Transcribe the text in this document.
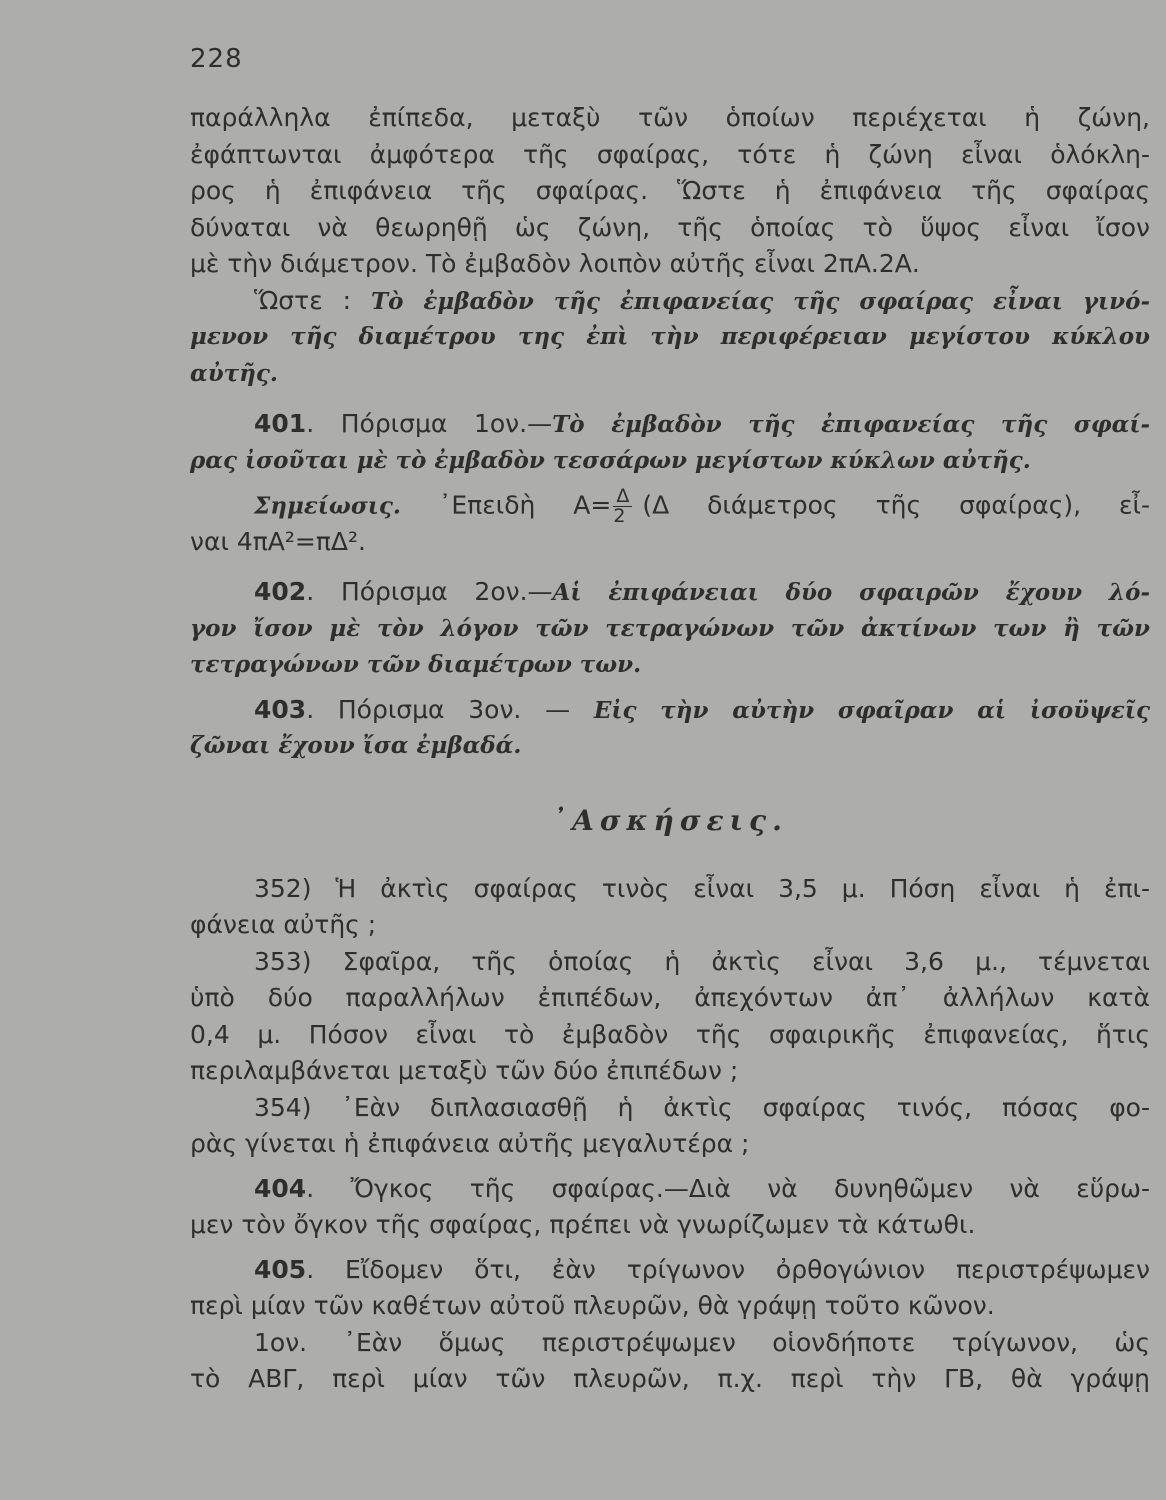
228
παράλληλα ἐπίπεδα, μεταξὺ τῶν ὁποίων περιέχεται ἡ ζώνη,
ἐφάπτωνται ἀμφότερα τῆς σφαίρας, τότε ἡ ζώνη εἶναι ὁλόκλη-
ρος ἡ ἐπιφάνεια τῆς σφαίρας. Ὥστε ἡ ἐπιφάνεια τῆς σφαίρας
δύναται νὰ θεωρηθῇ ὡς ζώνη, τῆς ὁποίας τὸ ὕψος εἶναι ἴσον
μὲ τὴν διάμετρον. Τὸ ἐμβαδὸν λοιπὸν αὐτῆς εἶναι 2πΑ.2Α.
Ὥστε : Τὸ ἐμβαδὸν τῆς ἐπιφανείας τῆς σφαίρας εἶναι γινό-
μενον τῆς διαμέτρου της ἐπὶ τὴν περιφέρειαν μεγίστου κύκλου
αὐτῆς.
401. Πόρισμα 1ον.—Τὸ ἐμβαδὸν τῆς ἐπιφανείας τῆς σφαί-
ρας ἰσοῦται μὲ τὸ ἐμβαδὸν τεσσάρων μεγίστων κύκλων αὐτῆς.
Σημείωσις. ᾿Επειδὴ $A= \frac{\Delta}{2} (\Delta$ διάμετρος τῆς σφαίρας), εἶ-
ναι 4πΑ²=πΔ².
402. Πόρισμα 2ον.—Αἱ ἐπιφάνειαι δύο σφαιρῶν ἔχουν λό-
γον ἴσον μὲ τὸν λόγον τῶν τετραγώνων τῶν ἀκτίνων των ἢ τῶν
τετραγώνων τῶν διαμέτρων των.
403. Πόρισμα 3ον. — Εἰς τὴν αὐτὴν σφαῖραν αἱ ἰσοϋψεῖς
ζῶναι ἔχουν ἴσα ἐμβαδά.
᾿Ασκήσεις.
352) Ἡ ἀκτὶς σφαίρας τινὸς εἶναι 3,5 μ. Πόση εἶναι ἡ ἐπι-
φάνεια αὐτῆς ;
353) Σφαῖρα, τῆς ὁποίας ἡ ἀκτὶς εἶναι 3,6 μ., τέμνεται
ὑπὸ δύο παραλλήλων ἐπιπέδων, ἀπεχόντων ἀπ᾿ ἀλλήλων κατὰ
0,4 μ. Πόσον εἶναι τὸ ἐμβαδὸν τῆς σφαιρικῆς ἐπιφανείας, ἥτις
περιλαμβάνεται μεταξὺ τῶν δύο ἐπιπέδων ;
354) ᾿Εὰν διπλασιασθῇ ἡ ἀκτὶς σφαίρας τινός, πόσας φο-
ρὰς γίνεται ἡ ἐπιφάνεια αὐτῆς μεγαλυτέρα ;
404. Ὄγκος τῆς σφαίρας.—Διὰ νὰ δυνηθῶμεν νὰ εὕρω-
μεν τὸν ὄγκον τῆς σφαίρας, πρέπει νὰ γνωρίζωμεν τὰ κάτωθι.
405. Εἴδομεν ὅτι, ἐὰν τρίγωνον ὀρθογώνιον περιστρέψωμεν
περὶ μίαν τῶν καθέτων αὐτοῦ πλευρῶν, θὰ γράψῃ τοῦτο κῶνον.
1ον. ᾿Εὰν ὅμως περιστρέψωμεν οἱονδήποτε τρίγωνον, ὡς
τὸ ΑΒΓ, περὶ μίαν τῶν πλευρῶν, π.χ. περὶ τὴν ΓΒ, θὰ γράψῃ
